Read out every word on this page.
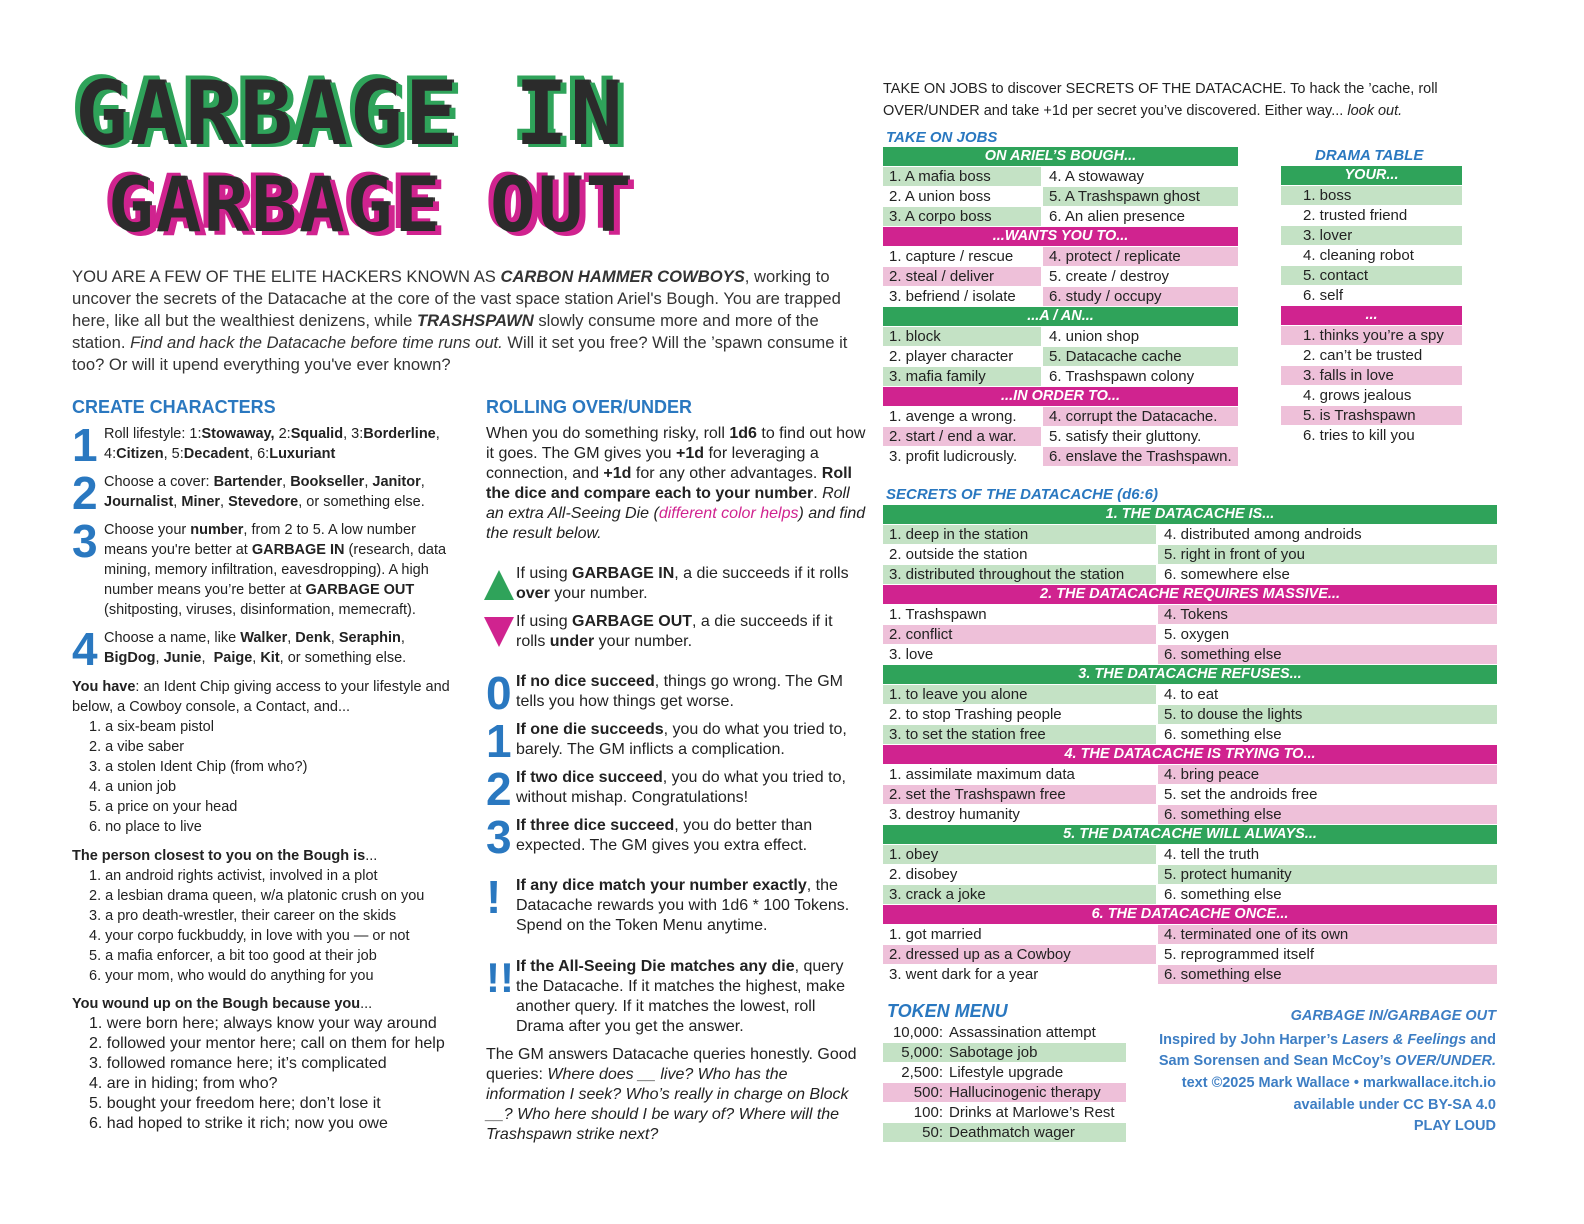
GARBAGE IN
GARBAGE OUT
YOU ARE A FEW OF THE ELITE HACKERS KNOWN AS CARBON HAMMER COWBOYS, working to uncover the secrets of the Datacache at the core of the vast space station Ariel's Bough. You are trapped here, like all but the wealthiest denizens, while TRASHSPAWN slowly consume more and more of the station. Find and hack the Datacache before time runs out. Will it set you free? Will the ’spawn consume it too? Or will it upend everything you've ever known?
CREATE CHARACTERS
1 Roll lifestyle: 1:Stowaway, 2:Squalid, 3:Borderline, 4:Citizen, 5:Decadent, 6:Luxuriant
2 Choose a cover: Bartender, Bookseller, Janitor, Journalist, Miner, Stevedore, or something else.
3 Choose your number, from 2 to 5. A low number means you're better at GARBAGE IN (research, data mining, memory infiltration, eavesdropping). A high number means you’re better at GARBAGE OUT (shitposting, viruses, disinformation, memecraft).
4 Choose a name, like Walker, Denk, Seraphin, BigDog, Junie,  Paige, Kit, or something else.
You have: an Ident Chip giving access to your lifestyle and below, a Cowboy console, a Contact, and...
1. a six-beam pistol
2. a vibe saber
3. a stolen Ident Chip (from who?)
4. a union job
5. a price on your head
6. no place to live
The person closest to you on the Bough is...
1. an android rights activist, involved in a plot
2. a lesbian drama queen, w/a platonic crush on you
3. a pro death-wrestler, their career on the skids
4. your corpo fuckbuddy, in love with you — or not
5. a mafia enforcer, a bit too good at their job
6. your mom, who would do anything for you
You wound up on the Bough because you...
1. were born here; always know your way around
2. followed your mentor here; call on them for help
3. followed romance here; it’s complicated
4. are in hiding; from who?
5. bought your freedom here; don’t lose it
6. had hoped to strike it rich; now you owe
ROLLING OVER/UNDER
When you do something risky, roll 1d6 to find out how it goes. The GM gives you +1d for leveraging a connection, and +1d for any other advantages. Roll the dice and compare each to your number. Roll an extra All-Seeing Die (different color helps) and find the result below.
If using GARBAGE IN, a die succeeds if it rolls over your number.
If using GARBAGE OUT, a die succeeds if it rolls under your number.
0 If no dice succeed, things go wrong. The GM tells you how things get worse.
1 If one die succeeds, you do what you tried to, barely. The GM inflicts a complication.
2 If two dice succeed, you do what you tried to, without mishap. Congratulations!
3 If three dice succeed, you do better than expected. The GM gives you extra effect.
! If any dice match your number exactly, the Datacache rewards you with 1d6 * 100 Tokens. Spend on the Token Menu anytime.
!! If the All-Seeing Die matches any die, query the Datacache. If it matches the highest, make another query. If it matches the lowest, roll Drama after you get the answer.
The GM answers Datacache queries honestly. Good queries: Where does __ live? Who has the information I seek? Who’s really in charge on Block __? Who here should I be wary of? Where will the Trashspawn strike next?
TAKE ON JOBS to discover SECRETS OF THE DATACACHE. To hack the ’cache, roll OVER/UNDER and take +1d per secret you’ve discovered. Either way... look out.
TAKE ON JOBS
ON ARIEL’S BOUGH...
1. A mafia boss	4. A stowaway
2. A union boss	5. A Trashspawn ghost
3. A corpo boss	6. An alien presence
...WANTS YOU TO...
1. capture / rescue	4. protect / replicate
2. steal / deliver	5. create / destroy
3. befriend / isolate	6. study / occupy
...A / AN...
1. block	4. union shop
2. player character	5. Datacache cache
3. mafia family	6. Trashspawn colony
...IN ORDER TO...
1. avenge a wrong.	4. corrupt the Datacache.
2. start / end a war.	5. satisfy their gluttony.
3. profit ludicrously.	6. enslave the Trashspawn.
DRAMA TABLE
YOUR...
1. boss
2. trusted friend
3. lover
4. cleaning robot
5. contact
6. self
...
1. thinks you’re a spy
2. can’t be trusted
3. falls in love
4. grows jealous
5. is Trashspawn
6. tries to kill you
SECRETS OF THE DATACACHE (d6:6)
1. THE DATACACHE IS...
1. deep in the station	4. distributed among androids
2. outside the station	5. right in front of you
3. distributed throughout the station	6. somewhere else
2. THE DATACACHE REQUIRES MASSIVE...
1. Trashspawn	4. Tokens
2. conflict	5. oxygen
3. love	6. something else
3. THE DATACACHE REFUSES...
1. to leave you alone	4. to eat
2. to stop Trashing people	5. to douse the lights
3. to set the station free	6. something else
4. THE DATACACHE IS TRYING TO...
1. assimilate maximum data	4. bring peace
2. set the Trashspawn free	5. set the androids free
3. destroy humanity	6. something else
5. THE DATACACHE WILL ALWAYS...
1. obey	4. tell the truth
2. disobey	5. protect humanity
3. crack a joke	6. something else
6. THE DATACACHE ONCE...
1. got married	4. terminated one of its own
2. dressed up as a Cowboy	5. reprogrammed itself
3. went dark for a year	6. something else
TOKEN MENU
10,000: Assassination attempt
5,000: Sabotage job
2,500: Lifestyle upgrade
500: Hallucinogenic therapy
100: Drinks at Marlowe’s Rest
50: Deathmatch wager
GARBAGE IN/GARBAGE OUT
Inspired by John Harper’s Lasers & Feelings and
Sam Sorensen and Sean McCoy’s OVER/UNDER.
text ©2025 Mark Wallace • markwallace.itch.io
available under CC BY-SA 4.0
PLAY LOUD
